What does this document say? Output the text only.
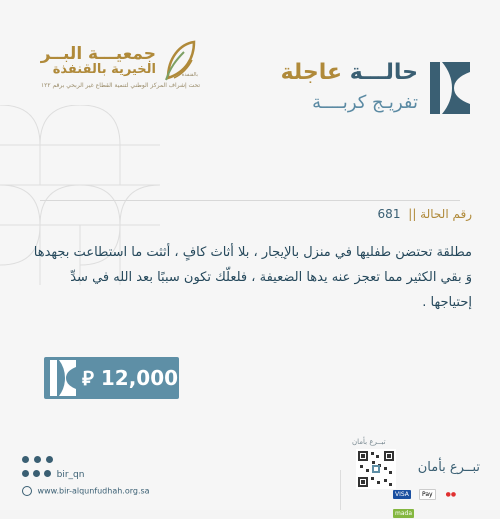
جمعيـــة البــر
الخيرية بالقنفذة	بالقنفذة
تحت إشراف المركز الوطني لتنمية القطاع غير الربحي برقم ١٢٢
حالـــة عاجلة
تفريـج كربــــة
رقم الحالة || 681
مطلقة تحتضن طفليها في منزل بالإيجار ، بلا أثاث كافٍ ، أثثت ما استطاعت بجهدها وَ بقي الكثير مما تعجز عنه يدها الضعيفة ، فلعلّك تكون سببًا بعد الله في سدِّ إحتياجها .
⃁ 12,000
تبــرع بأمان
تبــرع بأمان
VISA Pay ●● mada

bir_qn
www.bir-alqunfudhah.org.sa
